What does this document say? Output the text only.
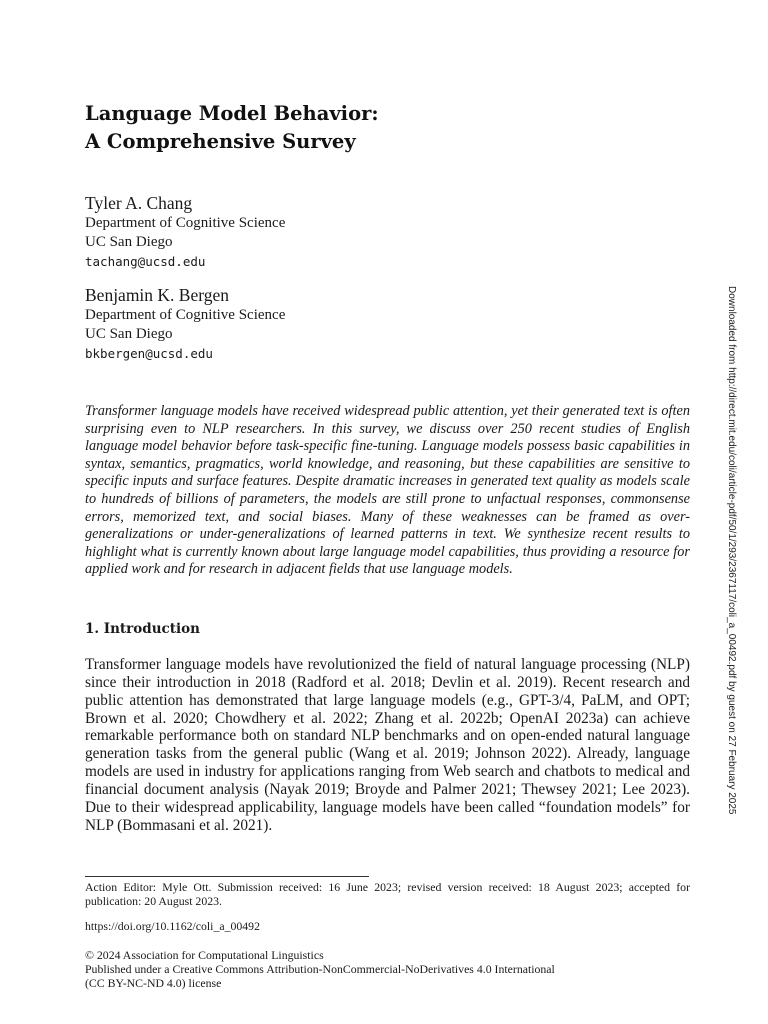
Language Model Behavior:
A Comprehensive Survey
Tyler A. Chang
Department of Cognitive Science
UC San Diego
tachang@ucsd.edu
Benjamin K. Bergen
Department of Cognitive Science
UC San Diego
bkbergen@ucsd.edu

Transformer language models have received widespread public attention, yet their generated text is often surprising even to NLP researchers. In this survey, we discuss over 250 recent studies of English language model behavior before task-specific fine-tuning. Language models possess basic capabilities in syntax, semantics, pragmatics, world knowledge, and reasoning, but these capabilities are sensitive to specific inputs and surface features. Despite dramatic increases in generated text quality as models scale to hundreds of billions of parameters, the models are still prone to unfactual responses, commonsense errors, memorized text, and social biases. Many of these weaknesses can be framed as over-generalizations or under-generalizations of learned patterns in text. We synthesize recent results to highlight what is currently known about large language model capabilities, thus providing a resource for applied work and for research in adjacent fields that use language models.

1. Introduction

Transformer language models have revolutionized the field of natural language processing (NLP) since their introduction in 2018 (Radford et al. 2018; Devlin et al. 2019). Recent research and public attention has demonstrated that large language models (e.g., GPT-3/4, PaLM, and OPT; Brown et al. 2020; Chowdhery et al. 2022; Zhang et al. 2022b; OpenAI 2023a) can achieve remarkable performance both on standard NLP benchmarks and on open-ended natural language generation tasks from the general public (Wang et al. 2019; Johnson 2022). Already, language models are used in industry for applications ranging from Web search and chatbots to medical and financial document analysis (Nayak 2019; Broyde and Palmer 2021; Thewsey 2021; Lee 2023). Due to their widespread applicability, language models have been called “foundation models” for NLP (Bommasani et al. 2021).

Action Editor: Myle Ott. Submission received: 16 June 2023; revised version received: 18 August 2023; accepted for publication: 20 August 2023.
https://doi.org/10.1162/coli_a_00492
© 2024 Association for Computational Linguistics
Published under a Creative Commons Attribution-NonCommercial-NoDerivatives 4.0 International
(CC BY-NC-ND 4.0) license
Downloaded from http://direct.mit.edu/coli/article-pdf/50/1/293/2367117/coli_a_00492.pdf by guest on 27 February 2025
